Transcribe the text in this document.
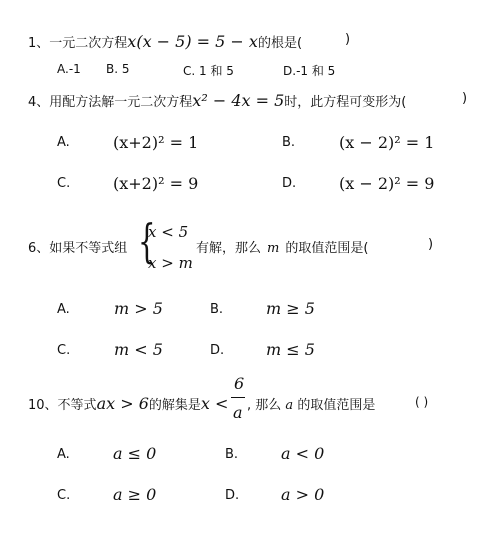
1、一元二次方程x(x − 5) = 5 − x的根是(	)
A.-1 B. 5	C. 1 和 5	D.-1 和 5
4、用配方法解一元二次方程x² − 4x = 5时，此方程可变形为(	)
A.	(x+2)² = 1	B.	(x − 2)² = 1
C.	(x+2)² = 9	D.	(x − 2)² = 9
6、如果不等式组 {
x < 5
x > m
有解，那么 m 的取值范围是(	)
A.	m > 5	B.	m ≥ 5
C.	m < 5	D.	m ≤ 5
10、不等式ax > 6的解集是x <
6
a , 那么 a 的取值范围是	( )
A.	a ≤ 0	B.	a < 0
C.	a ≥ 0	D.	a > 0
